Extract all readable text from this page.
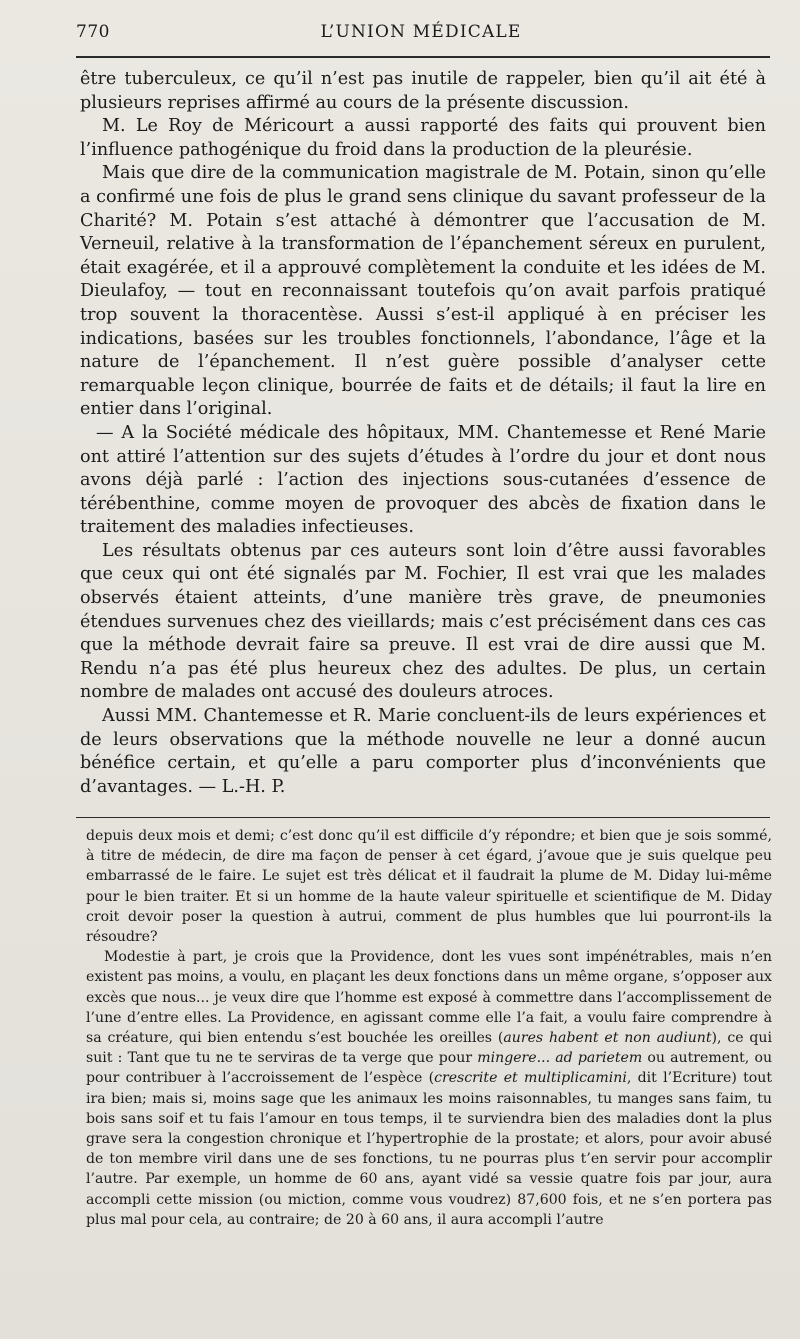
770	L’UNION MÉDICALE

être tuberculeux, ce qu’il n’est pas inutile de rappeler, bien qu’il ait été à plusieurs reprises affirmé au cours de la présente discussion.

M. Le Roy de Méricourt a aussi rapporté des faits qui prouvent bien l’influence pathogénique du froid dans la production de la pleurésie.

Mais que dire de la communication magistrale de M. Potain, sinon qu’elle a confirmé une fois de plus le grand sens clinique du savant professeur de la Charité? M. Potain s’est attaché à démontrer que l’accusation de M. Verneuil, relative à la transformation de l’épanchement séreux en purulent, était exagérée, et il a approuvé complètement la conduite et les idées de M. Dieulafoy, — tout en reconnaissant toutefois qu’on avait parfois pratiqué trop souvent la thoracentèse. Aussi s’est-il appliqué à en préciser les indications, basées sur les troubles fonctionnels, l’abondance, l’âge et la nature de l’épanchement. Il n’est guère possible d’analyser cette remarquable leçon clinique, bourrée de faits et de détails; il faut la lire en entier dans l’original.

— A la Société médicale des hôpitaux, MM. Chantemesse et René Marie ont attiré l’attention sur des sujets d’études à l’ordre du jour et dont nous avons déjà parlé : l’action des injections sous-cutanées d’essence de térébenthine, comme moyen de provoquer des abcès de fixation dans le traitement des maladies infectieuses.

Les résultats obtenus par ces auteurs sont loin d’être aussi favorables que ceux qui ont été signalés par M. Fochier, Il est vrai que les malades observés étaient atteints, d’une manière très grave, de pneumonies étendues survenues chez des vieillards; mais c’est précisément dans ces cas que la méthode devrait faire sa preuve. Il est vrai de dire aussi que M. Rendu n’a pas été plus heureux chez des adultes. De plus, un certain nombre de malades ont accusé des douleurs atroces.

Aussi MM. Chantemesse et R. Marie concluent-ils de leurs expériences et de leurs observations que la méthode nouvelle ne leur a donné aucun bénéfice certain, et qu’elle a paru comporter plus d’inconvénients que d’avantages. — L.-H. P.

depuis deux mois et demi; c’est donc qu’il est difficile d’y répondre; et bien que je sois sommé, à titre de médecin, de dire ma façon de penser à cet égard, j’avoue que je suis quelque peu embarrassé de le faire. Le sujet est très délicat et il faudrait la plume de M. Diday lui-même pour le bien traiter. Et si un homme de la haute valeur spirituelle et scientifique de M. Diday croit devoir poser la question à autrui, comment de plus humbles que lui pourront-ils la résoudre?

Modestie à part, je crois que la Providence, dont les vues sont impénétrables, mais n’en existent pas moins, a voulu, en plaçant les deux fonctions dans un même organe, s’opposer aux excès que nous... je veux dire que l’homme est exposé à commettre dans l’accomplissement de l’une d’entre elles. La Providence, en agissant comme elle l’a fait, a voulu faire comprendre à sa créature, qui bien entendu s’est bouchée les oreilles (aures habent et non audiunt), ce qui suit : Tant que tu ne te serviras de ta verge que pour mingere... ad parietem ou autrement, ou pour contribuer à l’accroissement de l’espèce (crescrite et multiplicamini, dit l’Ecriture) tout ira bien; mais si, moins sage que les animaux les moins raisonnables, tu manges sans faim, tu bois sans soif et tu fais l’amour en tous temps, il te surviendra bien des maladies dont la plus grave sera la congestion chronique et l’hypertrophie de la prostate; et alors, pour avoir abusé de ton membre viril dans une de ses fonctions, tu ne pourras plus t’en servir pour accomplir l’autre. Par exemple, un homme de 60 ans, ayant vidé sa vessie quatre fois par jour, aura accompli cette mission (ou miction, comme vous voudrez) 87,600 fois, et ne s’en portera pas plus mal pour cela, au contraire; de 20 à 60 ans, il aura accompli l’autre
